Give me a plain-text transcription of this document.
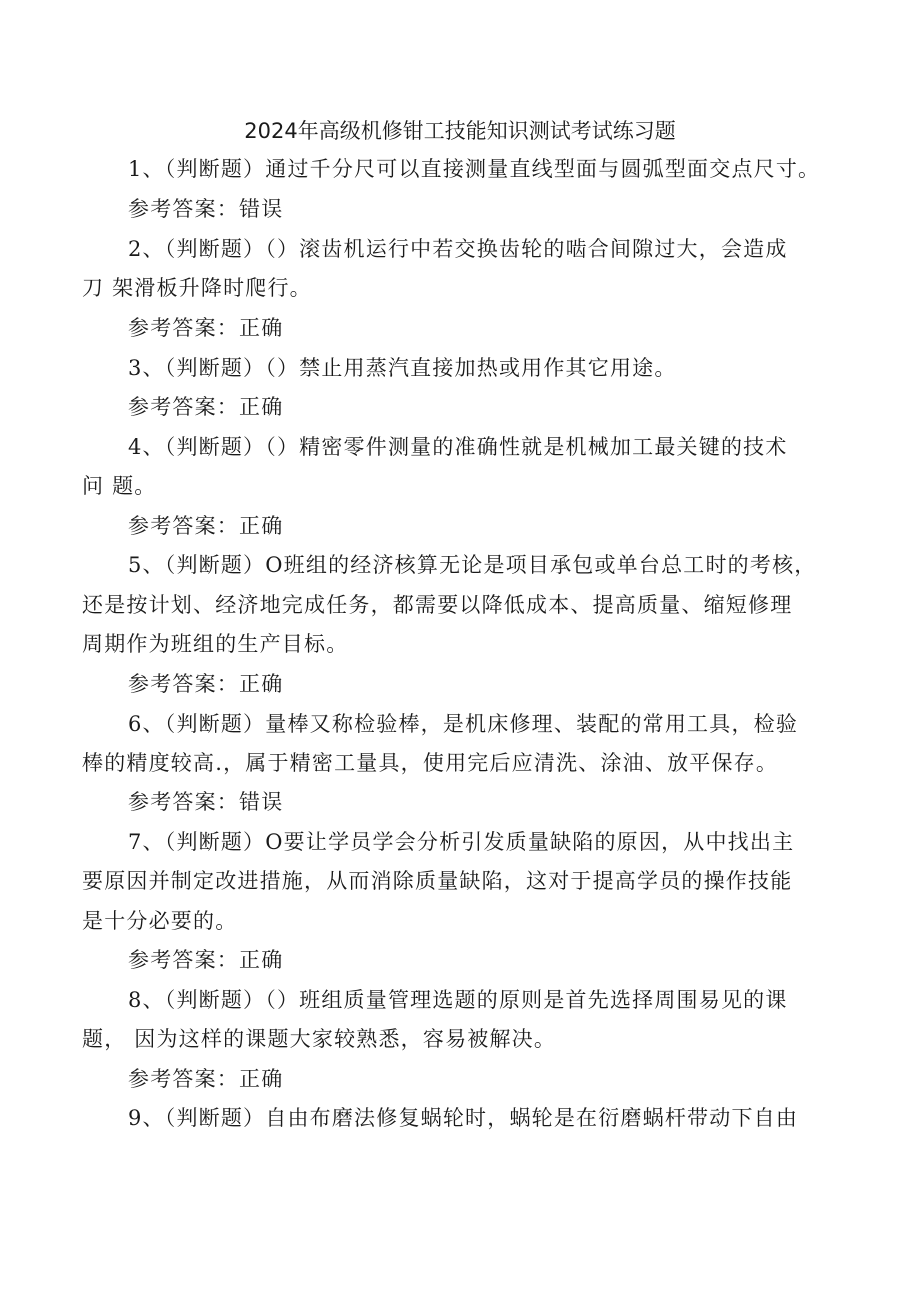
2024年高级机修钳工技能知识测试考试练习题
1、（判断题）通过千分尺可以直接测量直线型面与圆弧型面交点尺寸。
参考答案：错误
2、（判断题）（）滚齿机运行中若交换齿轮的啮合间隙过大，会造成
刀 架滑板升降时爬行。
参考答案：正确
3、（判断题）（）禁止用蒸汽直接加热或用作其它用途。
参考答案：正确
4、（判断题）（）精密零件测量的准确性就是机械加工最关键的技术
问 题。
参考答案：正确
5、（判断题）O班组的经济核算无论是项目承包或单台总工时的考核，
还是按计划、经济地完成任务，都需要以降低成本、提高质量、缩短修理
周期作为班组的生产目标。
参考答案：正确
6、（判断题）量棒又称检验棒，是机床修理、装配的常用工具，检验
棒的精度较高.，属于精密工量具，使用完后应清洗、涂油、放平保存。
参考答案：错误
7、（判断题）O要让学员学会分析引发质量缺陷的原因，从中找出主
要原因并制定改进措施，从而消除质量缺陷，这对于提高学员的操作技能
是十分必要的。
参考答案：正确
8、（判断题）（）班组质量管理选题的原则是首先选择周围易见的课
题， 因为这样的课题大家较熟悉，容易被解决。
参考答案：正确
9、（判断题）自由布磨法修复蜗轮时，蜗轮是在衍磨蜗杆带动下自由
